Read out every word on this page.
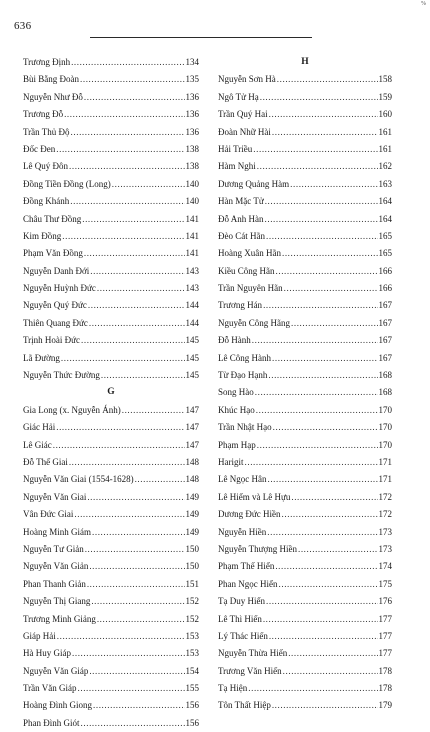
636
%
Trương Định .....	134
Bùi Bằng Đoàn .....	135
Nguyễn Như Đỗ .....	136
Trương Đỗ .....	136
Trần Thủ Độ .....	136
Đốc Đen .....	138
Lê Quý Đôn .....	138
Đồng Tiền Đồng (Long) .....	140
Đồng Khánh .....	140
Châu Thư Đồng .....	141
Kim Đồng .....	141
Phạm Văn Đồng .....	141
Nguyễn Danh Đới .....	143
Nguyễn Huỳnh Đức .....	143
Nguyễn Quý Đức .....	144
Thiên Quang Đức .....	144
Trịnh Hoài Đức .....	145
Lã Đường .....	145
Nguyễn Thức Đường .....	145
G
Gia Long (x. Nguyễn Ánh) .....	147
Giác Hải .....	147
Lê Giác .....	147
Đỗ Thế Giai .....	148
Nguyễn Văn Giai (1554-1628) .....	148
Nguyễn Văn Giai .....	149
Vân Đức Giai .....	149
Hoàng Minh Giám .....	149
Nguyễn Tư Giản .....	150
Nguyễn Văn Giản .....	150
Phan Thanh Giản .....	151
Nguyễn Thị Giang .....	152
Trương Minh Giảng .....	152
Giáp Hải .....	153
Hà Huy Giáp .....	153
Nguyễn Văn Giáp .....	154
Trần Văn Giáp .....	155
Hoàng Đình Giong .....	156
Phan Đình Giót .....	156
H
Nguyễn Sơn Hà .....	158
Ngô Tử Hạ .....	159
Trần Quý Hai .....	160
Đoàn Nhữ Hài .....	161
Hải Triều .....	161
Hàm Nghi .....	162
Dương Quảng Hàm .....	163
Hàn Mặc Tử .....	164
Đỗ Anh Hàn .....	164
Đèo Cát Hãn .....	165
Hoàng Xuân Hãn .....	165
Kiều Công Hãn .....	166
Trần Nguyên Hãn .....	166
Trương Hán .....	167
Nguyễn Công Hãng .....	167
Đỗ Hành .....	167
Lê Công Hành .....	167
Từ Đạo Hạnh .....	168
Song Hào .....	168
Khúc Hạo .....	170
Trần Nhật Hạo .....	170
Phạm Hạp .....	170
Harigit .....	171
Lê Ngọc Hân .....	171
Lê Hiểm và Lê Hựu .....	172
Dương Đức Hiền .....	172
Nguyễn Hiền .....	173
Nguyễn Thượng Hiền .....	173
Phạm Thế Hiển .....	174
Phan Ngọc Hiển .....	175
Tạ Duy Hiển .....	176
Lê Thì Hiến .....	177
Lý Thác Hiến .....	177
Nguyễn Thừa Hiến .....	177
Trương Văn Hiến .....	178
Tạ Hiện .....	178
Tôn Thất Hiệp .....	179
